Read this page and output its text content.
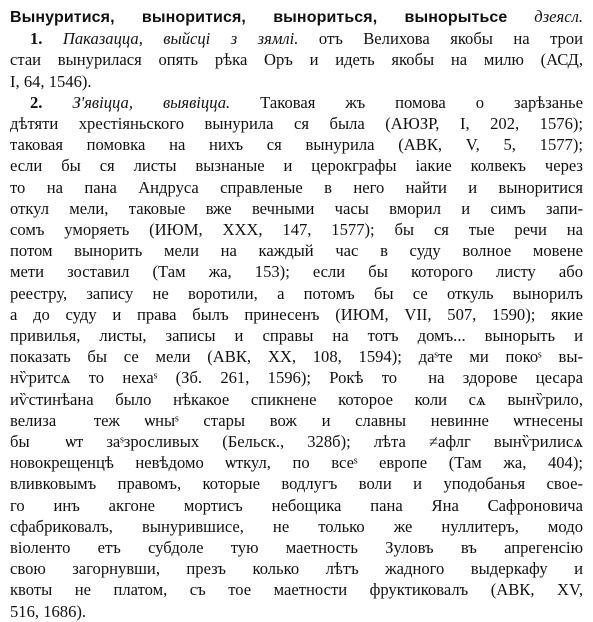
Вынуритися, выноритися, вынориться, вынорытьсе дзеясл.
1. Паказацца, выйсці з зямлі. отъ Велихова якобы на трои
стаи вынурилася опять рѣка Оръ и идеть якобы на милю (АСД,
I, 64, 1546).
2. З'явіцца, выявіцца. Таковая жъ помова о зарѣзанье
дѣтяти хрестіяньского вынурила ся была (АЮЗР, I, 202, 1576);
таковая помовка на нихъ ся вынурила (АВК, V, 5, 1577);
если бы ся листы вызнаные и церокграфы іакие колвекъ через
то на пана Андруса справленые в него найти и выноритися
откул мели, таковые вже вечными часы вморил и симъ запи-
сомъ уморяеть (ИЮМ, XXX, 147, 1577); бы ся тые речи на
потом вынорить мели на каждый час в суду волное мовене
мети зоставил (Там жа, 153); если бы которого листу або
реестру, запису не воротили, а потомъ бы се откуль вынорилъ
а до суду и права былъ принесенъ (ИЮМ, VII, 507, 1590); якие
привилья, листы, записы и справы на тотъ домъ... вынорыть и
показать бы се мели (АВК, XX, 108, 1594); даˢте ми покоˢ вы-
нѷритсѧ то нехаˢ (Зб. 261, 1596); Рокѣ тоⷢ на здорове цесара
иѷстинѣана было нѣкакое спикнене которое коли сѧ вынѷрило,
велизаⷬ теж ѡныˢ стары вож и славны невинне ѡтнесены
быⷧ ѡт заˢзросливых (Бельск., 328б); лѣта ≠афлг вынѷрилисѧ
новокрещенцѣ невѣдомо ѡткул, по всеˢ европе (Там жа, 404);
вливковымъ правомъ, которые водлугъ воли и уподобанья свое-
го инъ акгоне мортисъ небощика пана Яна Сафроновича
сфабриковалъ, вынурившисе, не только же нуллитеръ, модо
віоленто етъ субдоле тую маетность Зуловъ въ апрегенсію
свою загорнувши, презъ колько лѣтъ жадного выдеркафу и
квоты не платом, съ тое маетности фруктиковалъ (АВК, XV,
516, 1686).
